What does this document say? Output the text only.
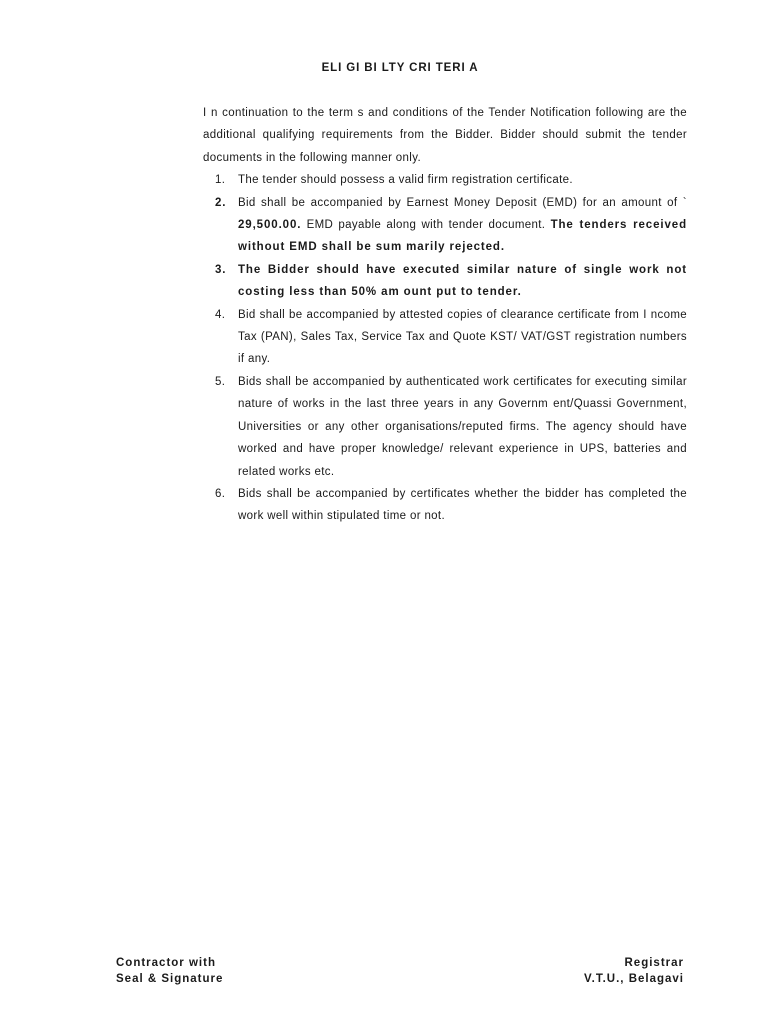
ELI GI BI LTY CRI TERI A

I n continuation to the term s and conditions of the Tender Notification following are the additional qualifying requirements from the Bidder. Bidder should submit the tender documents in the following manner only.

1. The tender should possess a valid firm registration certificate.
2. Bid shall be accompanied by Earnest Money Deposit (EMD) for an amount of ` 29,500.00. EMD payable along with tender document. The tenders received without EMD shall be sum marily rejected.
3. The Bidder should have executed similar nature of single work not costing less than 50% am ount put to tender.
4. Bid shall be accompanied by attested copies of clearance certificate from I ncome Tax (PAN), Sales Tax, Service Tax and Quote KST/ VAT/GST registration numbers if any.
5. Bids shall be accompanied by authenticated work certificates for executing similar nature of works in the last three years in any Governm ent/Quassi Government, Universities or any other organisations/reputed firms. The agency should have worked and have proper knowledge/ relevant experience in UPS, batteries and related works etc.
6. Bids shall be accompanied by certificates whether the bidder has completed the work well within stipulated time or not.
Contractor with
Seal & Signature
Registrar
V.T.U., Belagavi
